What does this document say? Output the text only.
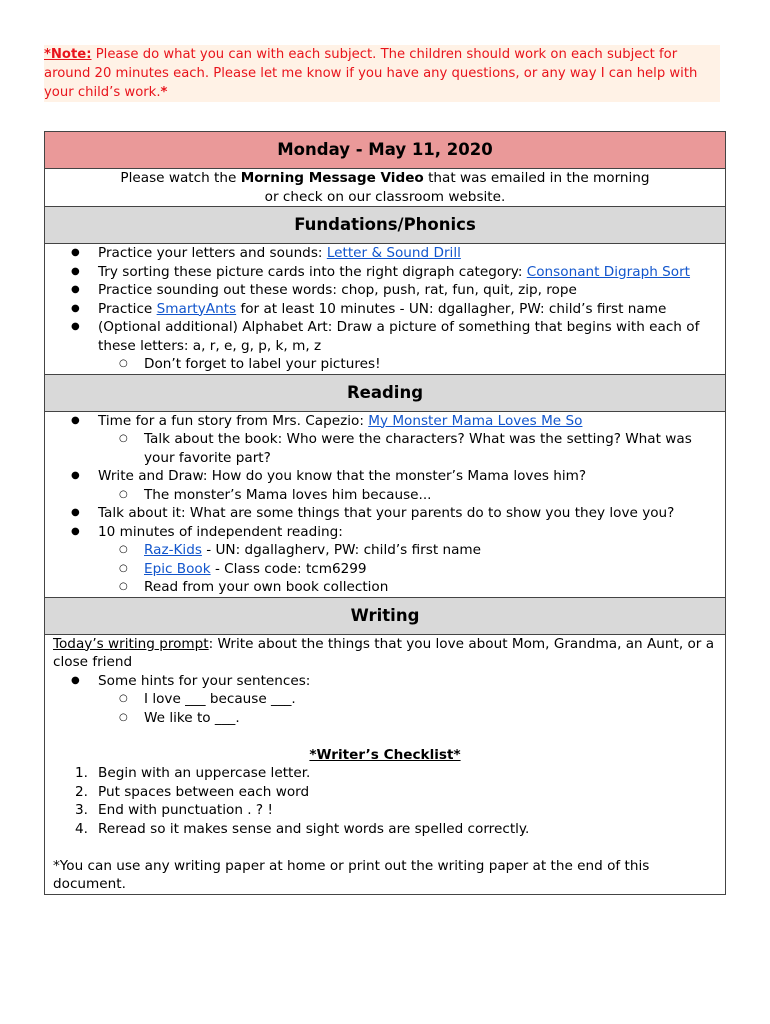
*Note: Please do what you can with each subject. The children should work on each subject for around 20 minutes each. Please let me know if you have any questions, or any way I can help with your child’s work.*
Monday - May 11, 2020
Please watch the Morning Message Video that was emailed in the morning
or check on our classroom website.
Fundations/Phonics

● Practice your letters and sounds: Letter & Sound Drill
● Try sorting these picture cards into the right digraph category: Consonant Digraph Sort
● Practice sounding out these words: chop, push, rat, fun, quit, zip, rope
● Practice SmartyAnts for at least 10 minutes - UN: dgallagher, PW: child’s first name
● (Optional additional) Alphabet Art: Draw a picture of something that begins with each of these letters: a, r, e, g, p, k, m, z
○ Don’t forget to label your pictures!

Reading

● Time for a fun story from Mrs. Capezio: My Monster Mama Loves Me So
○ Talk about the book: Who were the characters? What was the setting? What was your favorite part?
● Write and Draw: How do you know that the monster’s Mama loves him?
○ The monster’s Mama loves him because...
● Talk about it: What are some things that your parents do to show you they love you?
● 10 minutes of independent reading:
○ Raz-Kids - UN: dgallagherv, PW: child’s first name
○ Epic Book - Class code: tcm6299
○ Read from your own book collection

Writing

Today’s writing prompt: Write about the things that you love about Mom, Grandma, an Aunt, or a close friend
● Some hints for your sentences:
○ I love ___ because ___.
○ We like to ___.
*Writer’s Checklist*
1. Begin with an uppercase letter.
2. Put spaces between each word
3. End with punctuation . ? !
4. Reread so it makes sense and sight words are spelled correctly.
*You can use any writing paper at home or print out the writing paper at the end of this document.
